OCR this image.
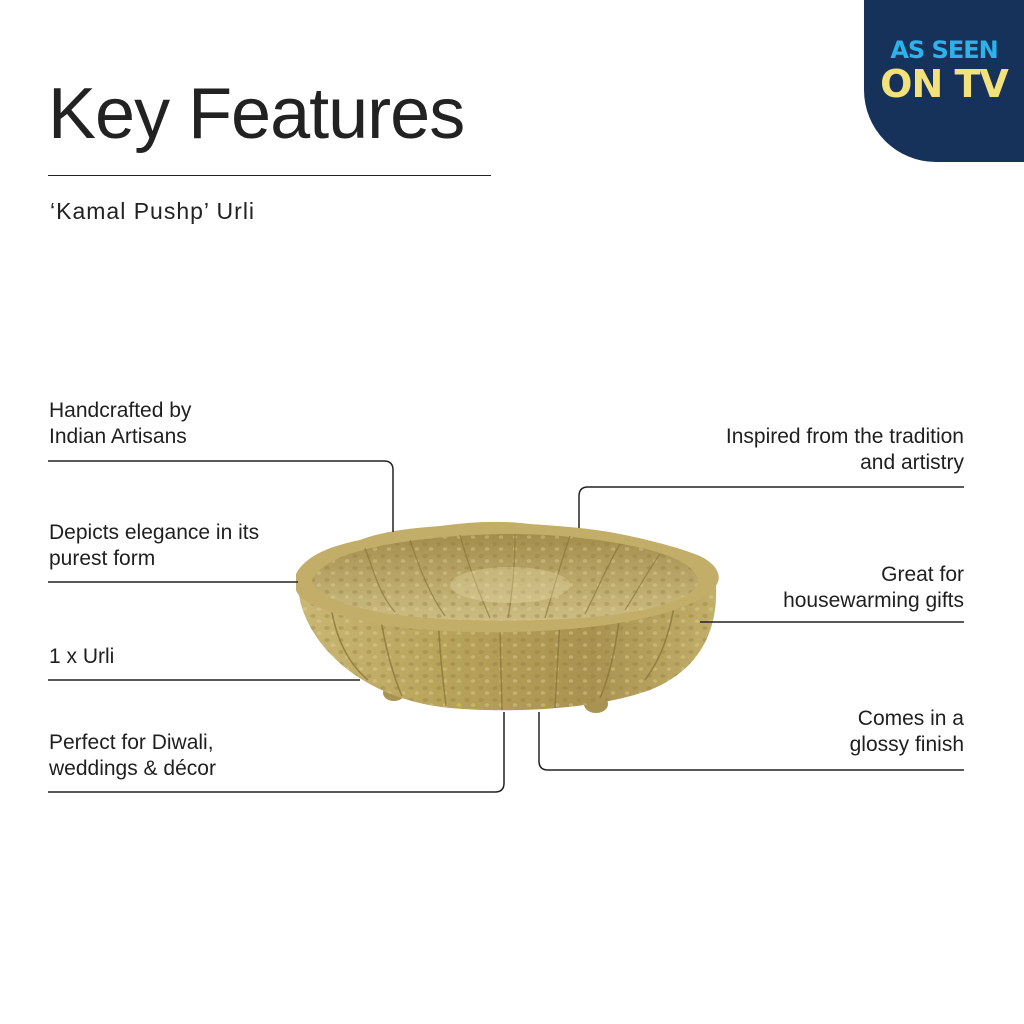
Key Features
‘Kamal Pushp’ Urli
AS SEEN
ON TV
Handcrafted by
Indian Artisans
Depicts elegance in its
purest form
1 x Urli
Perfect for Diwali,
weddings & décor
Inspired from the tradition
and artistry
Great for
housewarming gifts
Comes in a
glossy finish
